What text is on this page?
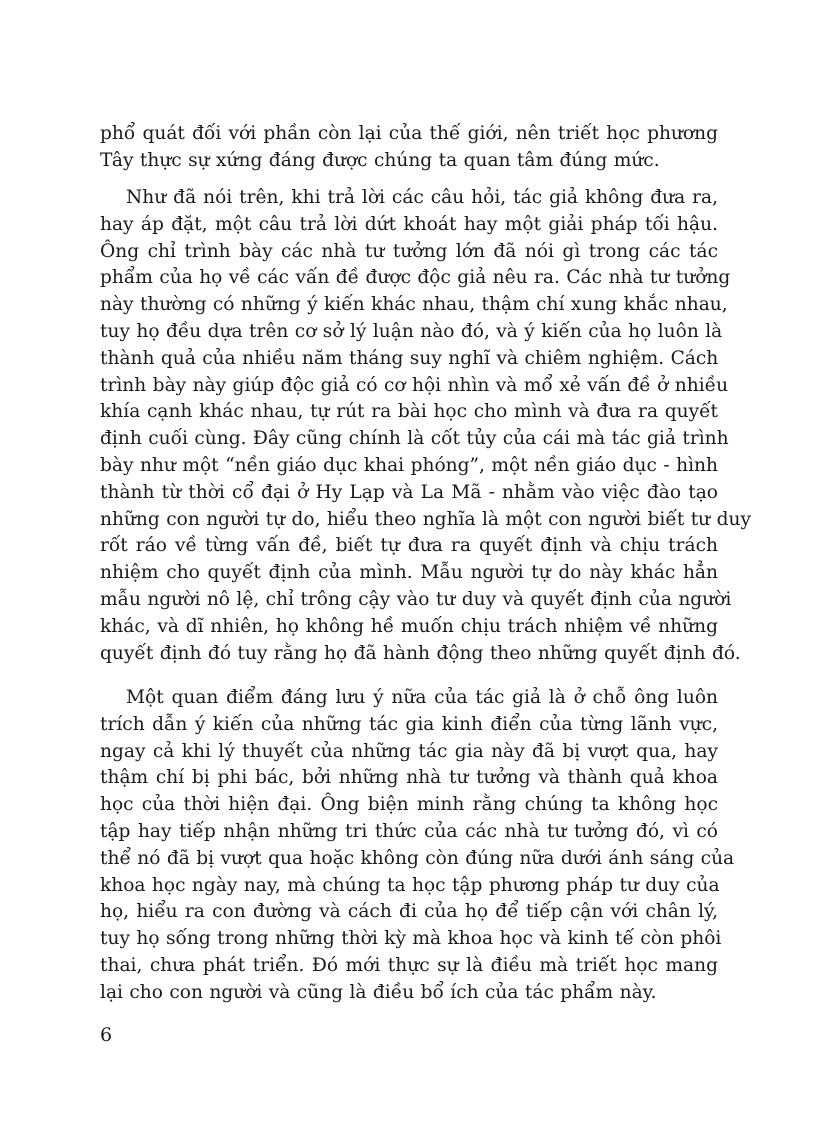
phổ quát đối với phần còn lại của thế giới, nên triết học phương
Tây thực sự xứng đáng được chúng ta quan tâm đúng mức.

Như đã nói trên, khi trả lời các câu hỏi, tác giả không đưa ra,
hay áp đặt, một câu trả lời dứt khoát hay một giải pháp tối hậu.
Ông chỉ trình bày các nhà tư tưởng lớn đã nói gì trong các tác
phẩm của họ về các vấn đề được độc giả nêu ra. Các nhà tư tưởng
này thường có những ý kiến khác nhau, thậm chí xung khắc nhau,
tuy họ đều dựa trên cơ sở lý luận nào đó, và ý kiến của họ luôn là
thành quả của nhiều năm tháng suy nghĩ và chiêm nghiệm. Cách
trình bày này giúp độc giả có cơ hội nhìn và mổ xẻ vấn đề ở nhiều
khía cạnh khác nhau, tự rút ra bài học cho mình và đưa ra quyết
định cuối cùng. Đây cũng chính là cốt tủy của cái mà tác giả trình
bày như một “nền giáo dục khai phóng”, một nền giáo dục - hình
thành từ thời cổ đại ở Hy Lạp và La Mã - nhằm vào việc đào tạo
những con người tự do, hiểu theo nghĩa là một con người biết tư duy
rốt ráo về từng vấn đề, biết tự đưa ra quyết định và chịu trách
nhiệm cho quyết định của mình. Mẫu người tự do này khác hẳn
mẫu người nô lệ, chỉ trông cậy vào tư duy và quyết định của người
khác, và dĩ nhiên, họ không hề muốn chịu trách nhiệm về những
quyết định đó tuy rằng họ đã hành động theo những quyết định đó.

Một quan điểm đáng lưu ý nữa của tác giả là ở chỗ ông luôn
trích dẫn ý kiến của những tác gia kinh điển của từng lãnh vực,
ngay cả khi lý thuyết của những tác gia này đã bị vượt qua, hay
thậm chí bị phi bác, bởi những nhà tư tưởng và thành quả khoa
học của thời hiện đại. Ông biện minh rằng chúng ta không học
tập hay tiếp nhận những tri thức của các nhà tư tưởng đó, vì có
thể nó đã bị vượt qua hoặc không còn đúng nữa dưới ánh sáng của
khoa học ngày nay, mà chúng ta học tập phương pháp tư duy của
họ, hiểu ra con đường và cách đi của họ để tiếp cận với chân lý,
tuy họ sống trong những thời kỳ mà khoa học và kinh tế còn phôi
thai, chưa phát triển. Đó mới thực sự là điều mà triết học mang
lại cho con người và cũng là điều bổ ích của tác phẩm này.

6
